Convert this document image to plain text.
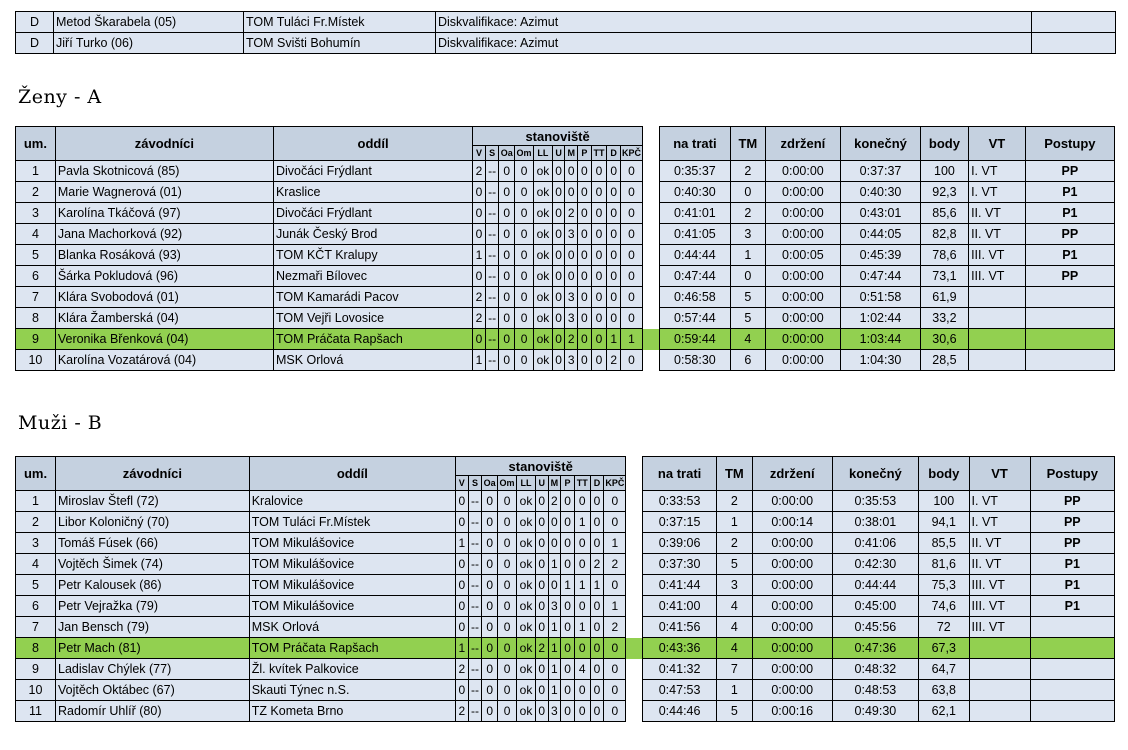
D	Metod Škarabela (05)	TOM Tuláci Fr.Místek	Diskvalifikace: Azimut	
D	Jiří Turko (06)	TOM Svišti Bohumín	Diskvalifikace: Azimut	
Ženy - A
um.	závodníci	oddíl	stanoviště												na trati	TM	zdržení	konečný	body	VT	Postupy
			V	S	Oa	Om	LL	U	M	P	TT	D	KPČ								
1	Pavla Skotnicová (85)	Divočáci Frýdlant	2	--	0	0	ok	0	0	0	0	0	0		0:35:37	2	0:00:00	0:37:37	100	I. VT	PP
2	Marie Wagnerová (01)	Kraslice	0	--	0	0	ok	0	0	0	0	0	0		0:40:30	0	0:00:00	0:40:30	92,3	I. VT	P1
3	Karolína Tkáčová (97)	Divočáci Frýdlant	0	--	0	0	ok	0	2	0	0	0	0		0:41:01	2	0:00:00	0:43:01	85,6	II. VT	P1
4	Jana Machorková (92)	Junák Český Brod	0	--	0	0	ok	0	3	0	0	0	0		0:41:05	3	0:00:00	0:44:05	82,8	II. VT	PP
5	Blanka Rosáková (93)	TOM KČT Kralupy	1	--	0	0	ok	0	0	0	0	0	0		0:44:44	1	0:00:05	0:45:39	78,6	III. VT	P1
6	Šárka Pokludová (96)	Nezmaři Bílovec	0	--	0	0	ok	0	0	0	0	0	0		0:47:44	0	0:00:00	0:47:44	73,1	III. VT	PP
7	Klára Svobodová (01)	TOM Kamarádi Pacov	2	--	0	0	ok	0	3	0	0	0	0		0:46:58	5	0:00:00	0:51:58	61,9		
8	Klára Žamberská (04)	TOM Vejři Lovosice	2	--	0	0	ok	0	3	0	0	0	0		0:57:44	5	0:00:00	1:02:44	33,2		
9	Veronika Břenková (04)	TOM Práčata Rapšach	0	--	0	0	ok	0	2	0	0	1	1		0:59:44	4	0:00:00	1:03:44	30,6		
10	Karolína Vozatárová (04)	MSK Orlová	1	--	0	0	ok	0	3	0	0	2	0		0:58:30	6	0:00:00	1:04:30	28,5		
Muži - B
um.	závodníci	oddíl	stanoviště												na trati	TM	zdržení	konečný	body	VT	Postupy
			V	S	Oa	Om	LL	U	M	P	TT	D	KPČ								
1	Miroslav Štefl (72)	Kralovice	0	--	0	0	ok	0	2	0	0	0	0		0:33:53	2	0:00:00	0:35:53	100	I. VT	PP
2	Libor Koloničný (70)	TOM Tuláci Fr.Místek	0	--	0	0	ok	0	0	0	1	0	0		0:37:15	1	0:00:14	0:38:01	94,1	I. VT	PP
3	Tomáš Fúsek (66)	TOM Mikulášovice	1	--	0	0	ok	0	0	0	0	0	1		0:39:06	2	0:00:00	0:41:06	85,5	II. VT	PP
4	Vojtěch Šimek (74)	TOM Mikulášovice	0	--	0	0	ok	0	1	0	0	2	2		0:37:30	5	0:00:00	0:42:30	81,6	II. VT	P1
5	Petr Kalousek (86)	TOM Mikulášovice	0	--	0	0	ok	0	0	1	1	1	0		0:41:44	3	0:00:00	0:44:44	75,3	III. VT	P1
6	Petr Vejražka (79)	TOM Mikulášovice	0	--	0	0	ok	0	3	0	0	0	1		0:41:00	4	0:00:00	0:45:00	74,6	III. VT	P1
7	Jan Bensch (79)	MSK Orlová	0	--	0	0	ok	0	1	0	1	0	2		0:41:56	4	0:00:00	0:45:56	72	III. VT	
8	Petr Mach (81)	TOM Práčata Rapšach	1	--	0	0	ok	2	1	0	0	0	0		0:43:36	4	0:00:00	0:47:36	67,3		
9	Ladislav Chýlek (77)	Žl. kvítek Palkovice	2	--	0	0	ok	0	1	0	4	0	0		0:41:32	7	0:00:00	0:48:32	64,7		
10	Vojtěch Oktábec (67)	Skauti Týnec n.S.	0	--	0	0	ok	0	1	0	0	0	0		0:47:53	1	0:00:00	0:48:53	63,8		
11	Radomír Uhlíř (80)	TZ Kometa Brno	2	--	0	0	ok	0	3	0	0	0	0		0:44:46	5	0:00:16	0:49:30	62,1		
